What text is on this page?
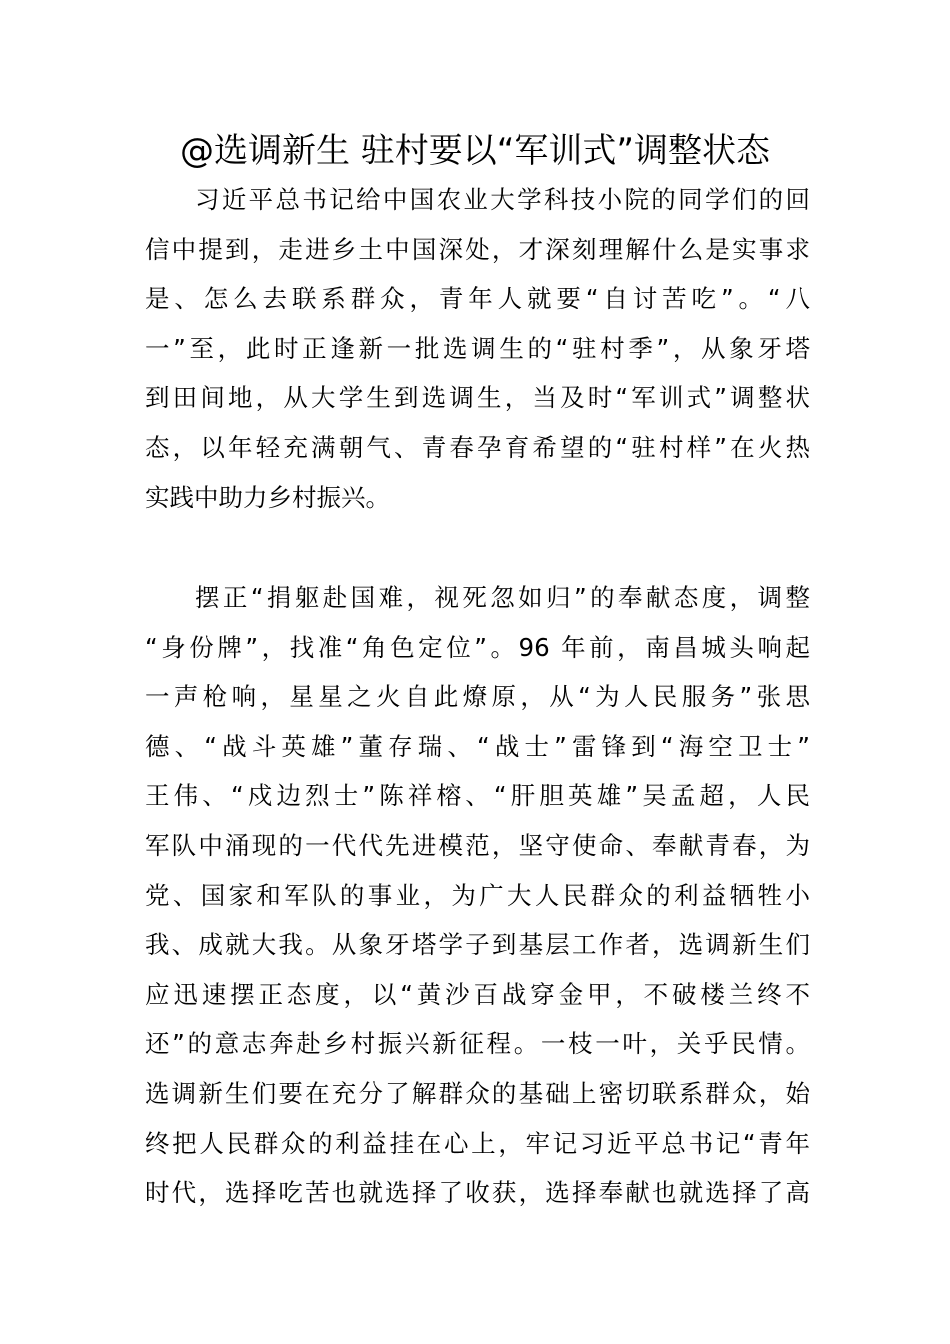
@选调新生 驻村要以“军训式”调整状态
习近平总书记给中国农业大学科技小院的同学们的回
信中提到，走进乡土中国深处，才深刻理解什么是实事求
是、怎么去联系群众，青年人就要“自讨苦吃”。“八
一”至，此时正逢新一批选调生的“驻村季”，从象牙塔
到田间地，从大学生到选调生，当及时“军训式”调整状
态，以年轻充满朝气、青春孕育希望的“驻村样”在火热
实践中助力乡村振兴。
摆正“捐躯赴国难，视死忽如归”的奉献态度，调整
“身份牌”，找准“角色定位”。96 年前，南昌城头响起
一声枪响，星星之火自此燎原，从“为人民服务”张思
德、“战斗英雄”董存瑞、“战士”雷锋到“海空卫士”
王伟、“戍边烈士”陈祥榕、“肝胆英雄”吴孟超，人民
军队中涌现的一代代先进模范，坚守使命、奉献青春，为
党、国家和军队的事业，为广大人民群众的利益牺牲小
我、成就大我。从象牙塔学子到基层工作者，选调新生们
应迅速摆正态度，以“黄沙百战穿金甲，不破楼兰终不
还”的意志奔赴乡村振兴新征程。一枝一叶，关乎民情。
选调新生们要在充分了解群众的基础上密切联系群众，始
终把人民群众的利益挂在心上，牢记习近平总书记“青年
时代，选择吃苦也就选择了收获，选择奉献也就选择了高
